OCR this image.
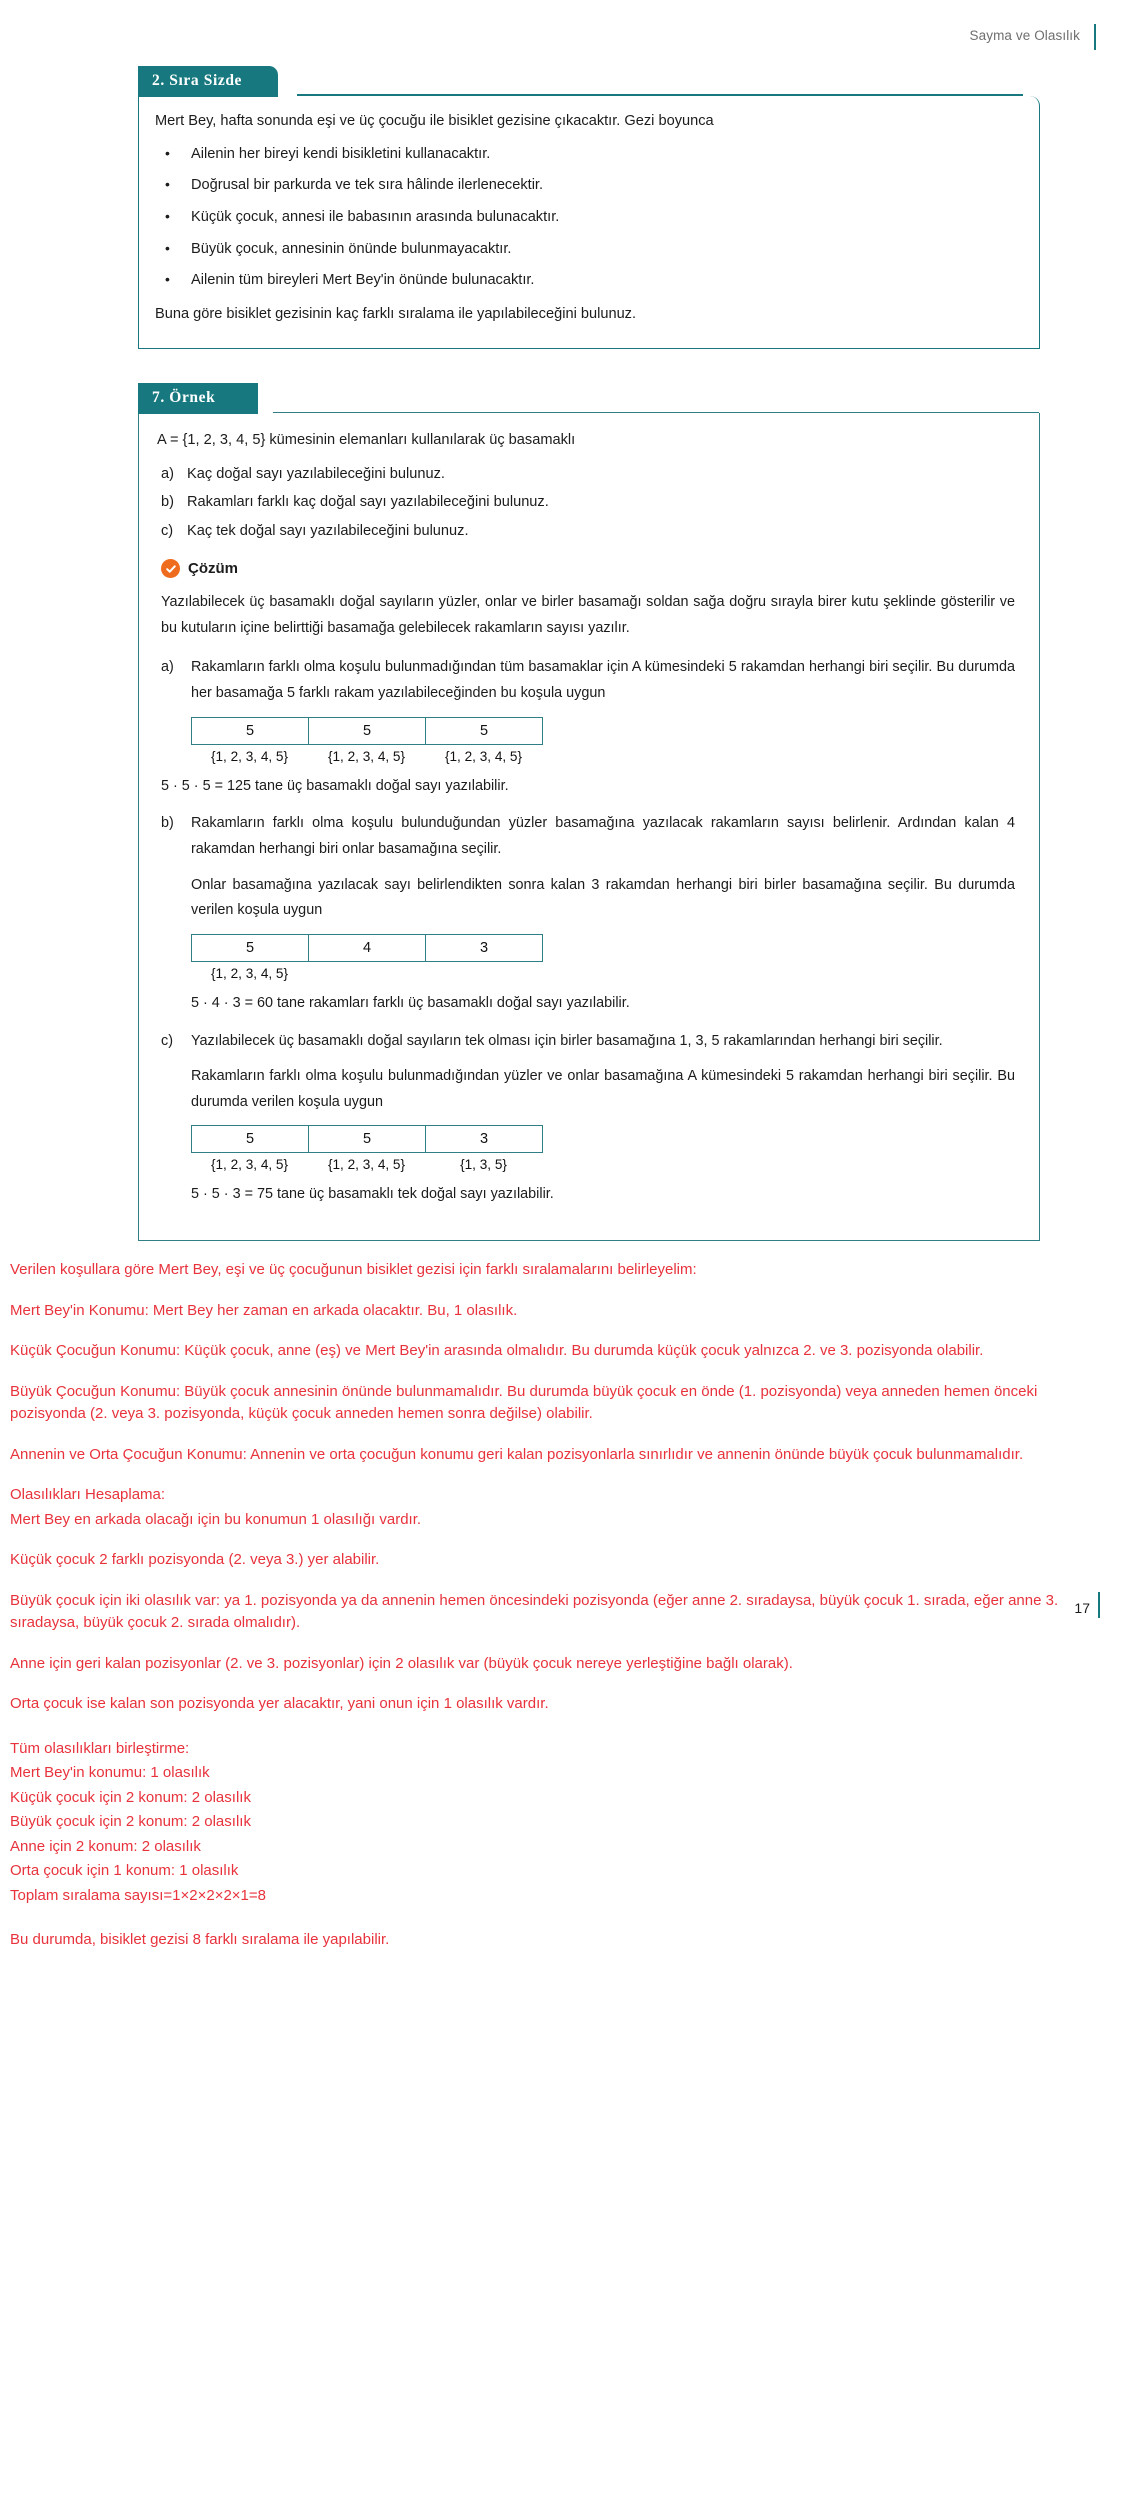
Sayma ve Olasılık
2. Sıra Sizde

Mert Bey, hafta sonunda eşi ve üç çocuğu ile bisiklet gezisine çıkacaktır. Gezi boyunca

• Ailenin her bireyi kendi bisikletini kullanacaktır.
• Doğrusal bir parkurda ve tek sıra hâlinde ilerlenecektir.
• Küçük çocuk, annesi ile babasının arasında bulunacaktır.
• Büyük çocuk, annesinin önünde bulunmayacaktır.
• Ailenin tüm bireyleri Mert Bey'in önünde bulunacaktır.

Buna göre bisiklet gezisinin kaç farklı sıralama ile yapılabileceğini bulunuz.

7. Örnek

A = {1, 2, 3, 4, 5} kümesinin elemanları kullanılarak üç basamaklı

a) Kaç doğal sayı yazılabileceğini bulunuz.
b) Rakamları farklı kaç doğal sayı yazılabileceğini bulunuz.
c) Kaç tek doğal sayı yazılabileceğini bulunuz.
Çözüm

Yazılabilecek üç basamaklı doğal sayıların yüzler, onlar ve birler basamağı soldan sağa doğru sırayla birer kutu şeklinde gösterilir ve bu kutuların içine belirttiği basamağa gelebilecek rakamların sayısı yazılır.

a) Rakamların farklı olma koşulu bulunmadığından tüm basamaklar için A kümesindeki 5 rakamdan herhangi biri seçilir. Bu durumda her basamağa 5 farklı rakam yazılabileceğinden bu koşula uygun
5	5	5
{1, 2, 3, 4, 5}	{1, 2, 3, 4, 5}	{1, 2, 3, 4, 5}

5 · 5 · 5 = 125 tane üç basamaklı doğal sayı yazılabilir.

b) Rakamların farklı olma koşulu bulunduğundan yüzler basamağına yazılacak rakamların sayısı belirlenir. Ardından kalan 4 rakamdan herhangi biri onlar basamağına seçilir.

Onlar basamağına yazılacak sayı belirlendikten sonra kalan 3 rakamdan herhangi biri birler basamağına seçilir. Bu durumda verilen koşula uygun

5	4	3
{1, 2, 3, 4, 5}

5 · 4 · 3 = 60 tane rakamları farklı üç basamaklı doğal sayı yazılabilir.

c) Yazılabilecek üç basamaklı doğal sayıların tek olması için birler basamağına 1, 3, 5 rakamlarından herhangi biri seçilir.

Rakamların farklı olma koşulu bulunmadığından yüzler ve onlar basamağına A kümesindeki 5 rakamdan herhangi biri seçilir. Bu durumda verilen koşula uygun

5	5	3
{1, 2, 3, 4, 5}	{1, 2, 3, 4, 5}	{1, 3, 5}

5 · 5 · 3 = 75 tane üç basamaklı tek doğal sayı yazılabilir.

17

Verilen koşullara göre Mert Bey, eşi ve üç çocuğunun bisiklet gezisi için farklı sıralamalarını belirleyelim:

Mert Bey'in Konumu: Mert Bey her zaman en arkada olacaktır. Bu, 1 olasılık.

Küçük Çocuğun Konumu: Küçük çocuk, anne (eş) ve Mert Bey'in arasında olmalıdır. Bu durumda küçük çocuk yalnızca 2. ve 3. pozisyonda olabilir.

Büyük Çocuğun Konumu: Büyük çocuk annesinin önünde bulunmamalıdır. Bu durumda büyük çocuk en önde (1. pozisyonda) veya anneden hemen önceki pozisyonda (2. veya 3. pozisyonda, küçük çocuk anneden hemen sonra değilse) olabilir.

Annenin ve Orta Çocuğun Konumu: Annenin ve orta çocuğun konumu geri kalan pozisyonlarla sınırlıdır ve annenin önünde büyük çocuk bulunmamalıdır.

Olasılıkları Hesaplama:

Mert Bey en arkada olacağı için bu konumun 1 olasılığı vardır.

Küçük çocuk 2 farklı pozisyonda (2. veya 3.) yer alabilir.

Büyük çocuk için iki olasılık var: ya 1. pozisyonda ya da annenin hemen öncesindeki pozisyonda (eğer anne 2. sıradaysa, büyük çocuk 1. sırada, eğer anne 3. sıradaysa, büyük çocuk 2. sırada olmalıdır).

Anne için geri kalan pozisyonlar (2. ve 3. pozisyonlar) için 2 olasılık var (büyük çocuk nereye yerleştiğine bağlı olarak).

Orta çocuk ise kalan son pozisyonda yer alacaktır, yani onun için 1 olasılık vardır.

Tüm olasılıkları birleştirme:

Mert Bey'in konumu: 1 olasılık

Küçük çocuk için 2 konum: 2 olasılık

Büyük çocuk için 2 konum: 2 olasılık

Anne için 2 konum: 2 olasılık

Orta çocuk için 1 konum: 1 olasılık

Toplam sıralama sayısı=1×2×2×2×1=8

Bu durumda, bisiklet gezisi 8 farklı sıralama ile yapılabilir.
